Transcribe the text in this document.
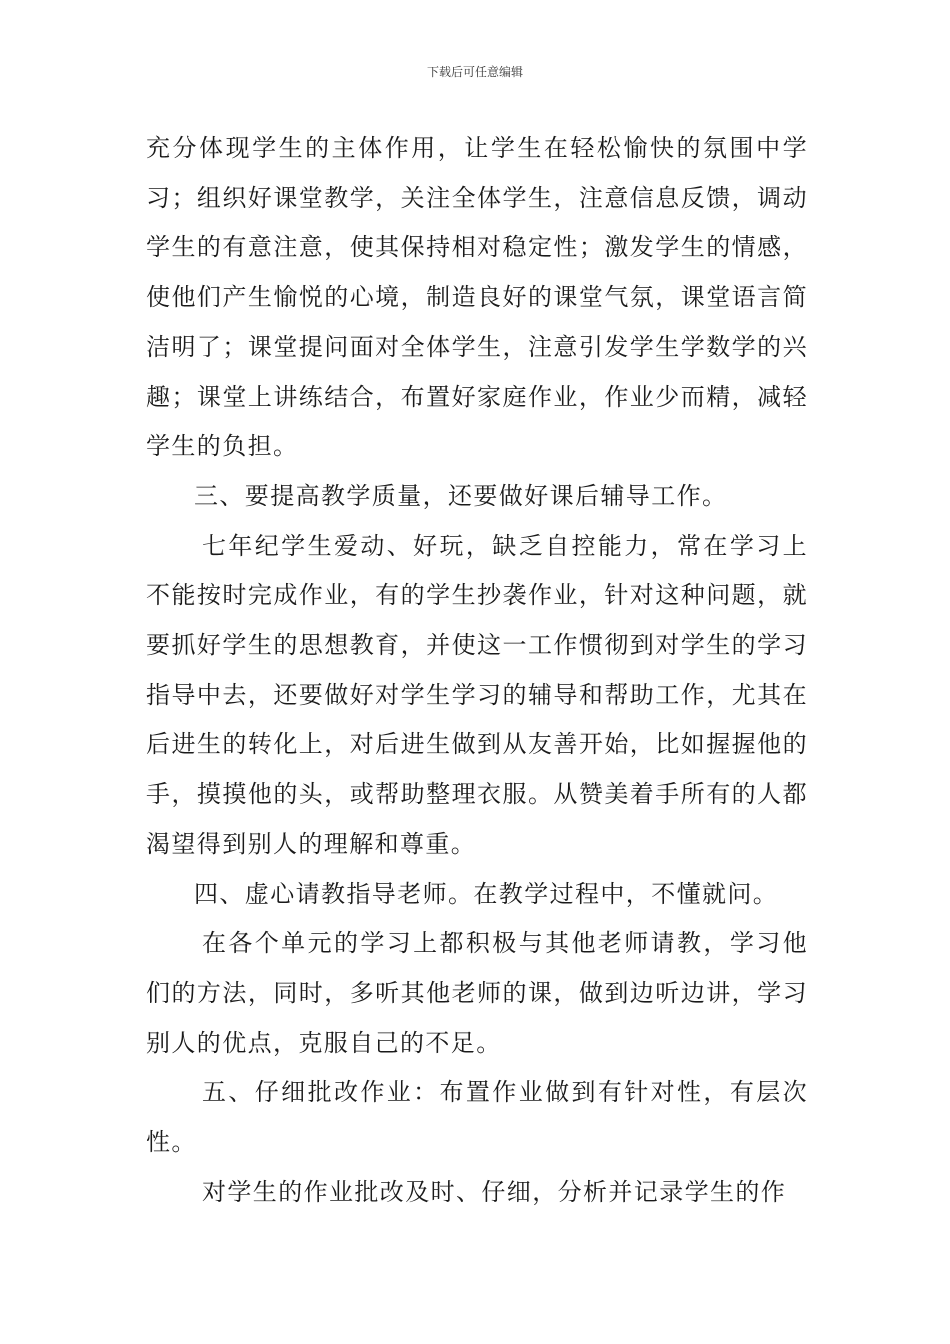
下载后可任意编辑

充分体现学生的主体作用，让学生在轻松愉快的氛围中学习；组织好课堂教学，关注全体学生，注意信息反馈，调动学生的有意注意，使其保持相对稳定性；激发学生的情感，使他们产生愉悦的心境，制造良好的课堂气氛，课堂语言简洁明了；课堂提问面对全体学生，注意引发学生学数学的兴趣；课堂上讲练结合，布置好家庭作业，作业少而精，减轻学生的负担。

三、要提高教学质量，还要做好课后辅导工作。

七年纪学生爱动、好玩，缺乏自控能力，常在学习上不能按时完成作业，有的学生抄袭作业，针对这种问题，就要抓好学生的思想教育，并使这一工作惯彻到对学生的学习指导中去，还要做好对学生学习的辅导和帮助工作，尤其在后进生的转化上，对后进生做到从友善开始，比如握握他的手，摸摸他的头，或帮助整理衣服。从赞美着手所有的人都渴望得到别人的理解和尊重。

四、虚心请教指导老师。在教学过程中，不懂就问。

在各个单元的学习上都积极与其他老师请教，学习他们的方法，同时，多听其他老师的课，做到边听边讲，学习别人的优点，克服自己的不足。

五、仔细批改作业：布置作业做到有针对性，有层次性。

对学生的作业批改及时、仔细，分析并记录学生的作
